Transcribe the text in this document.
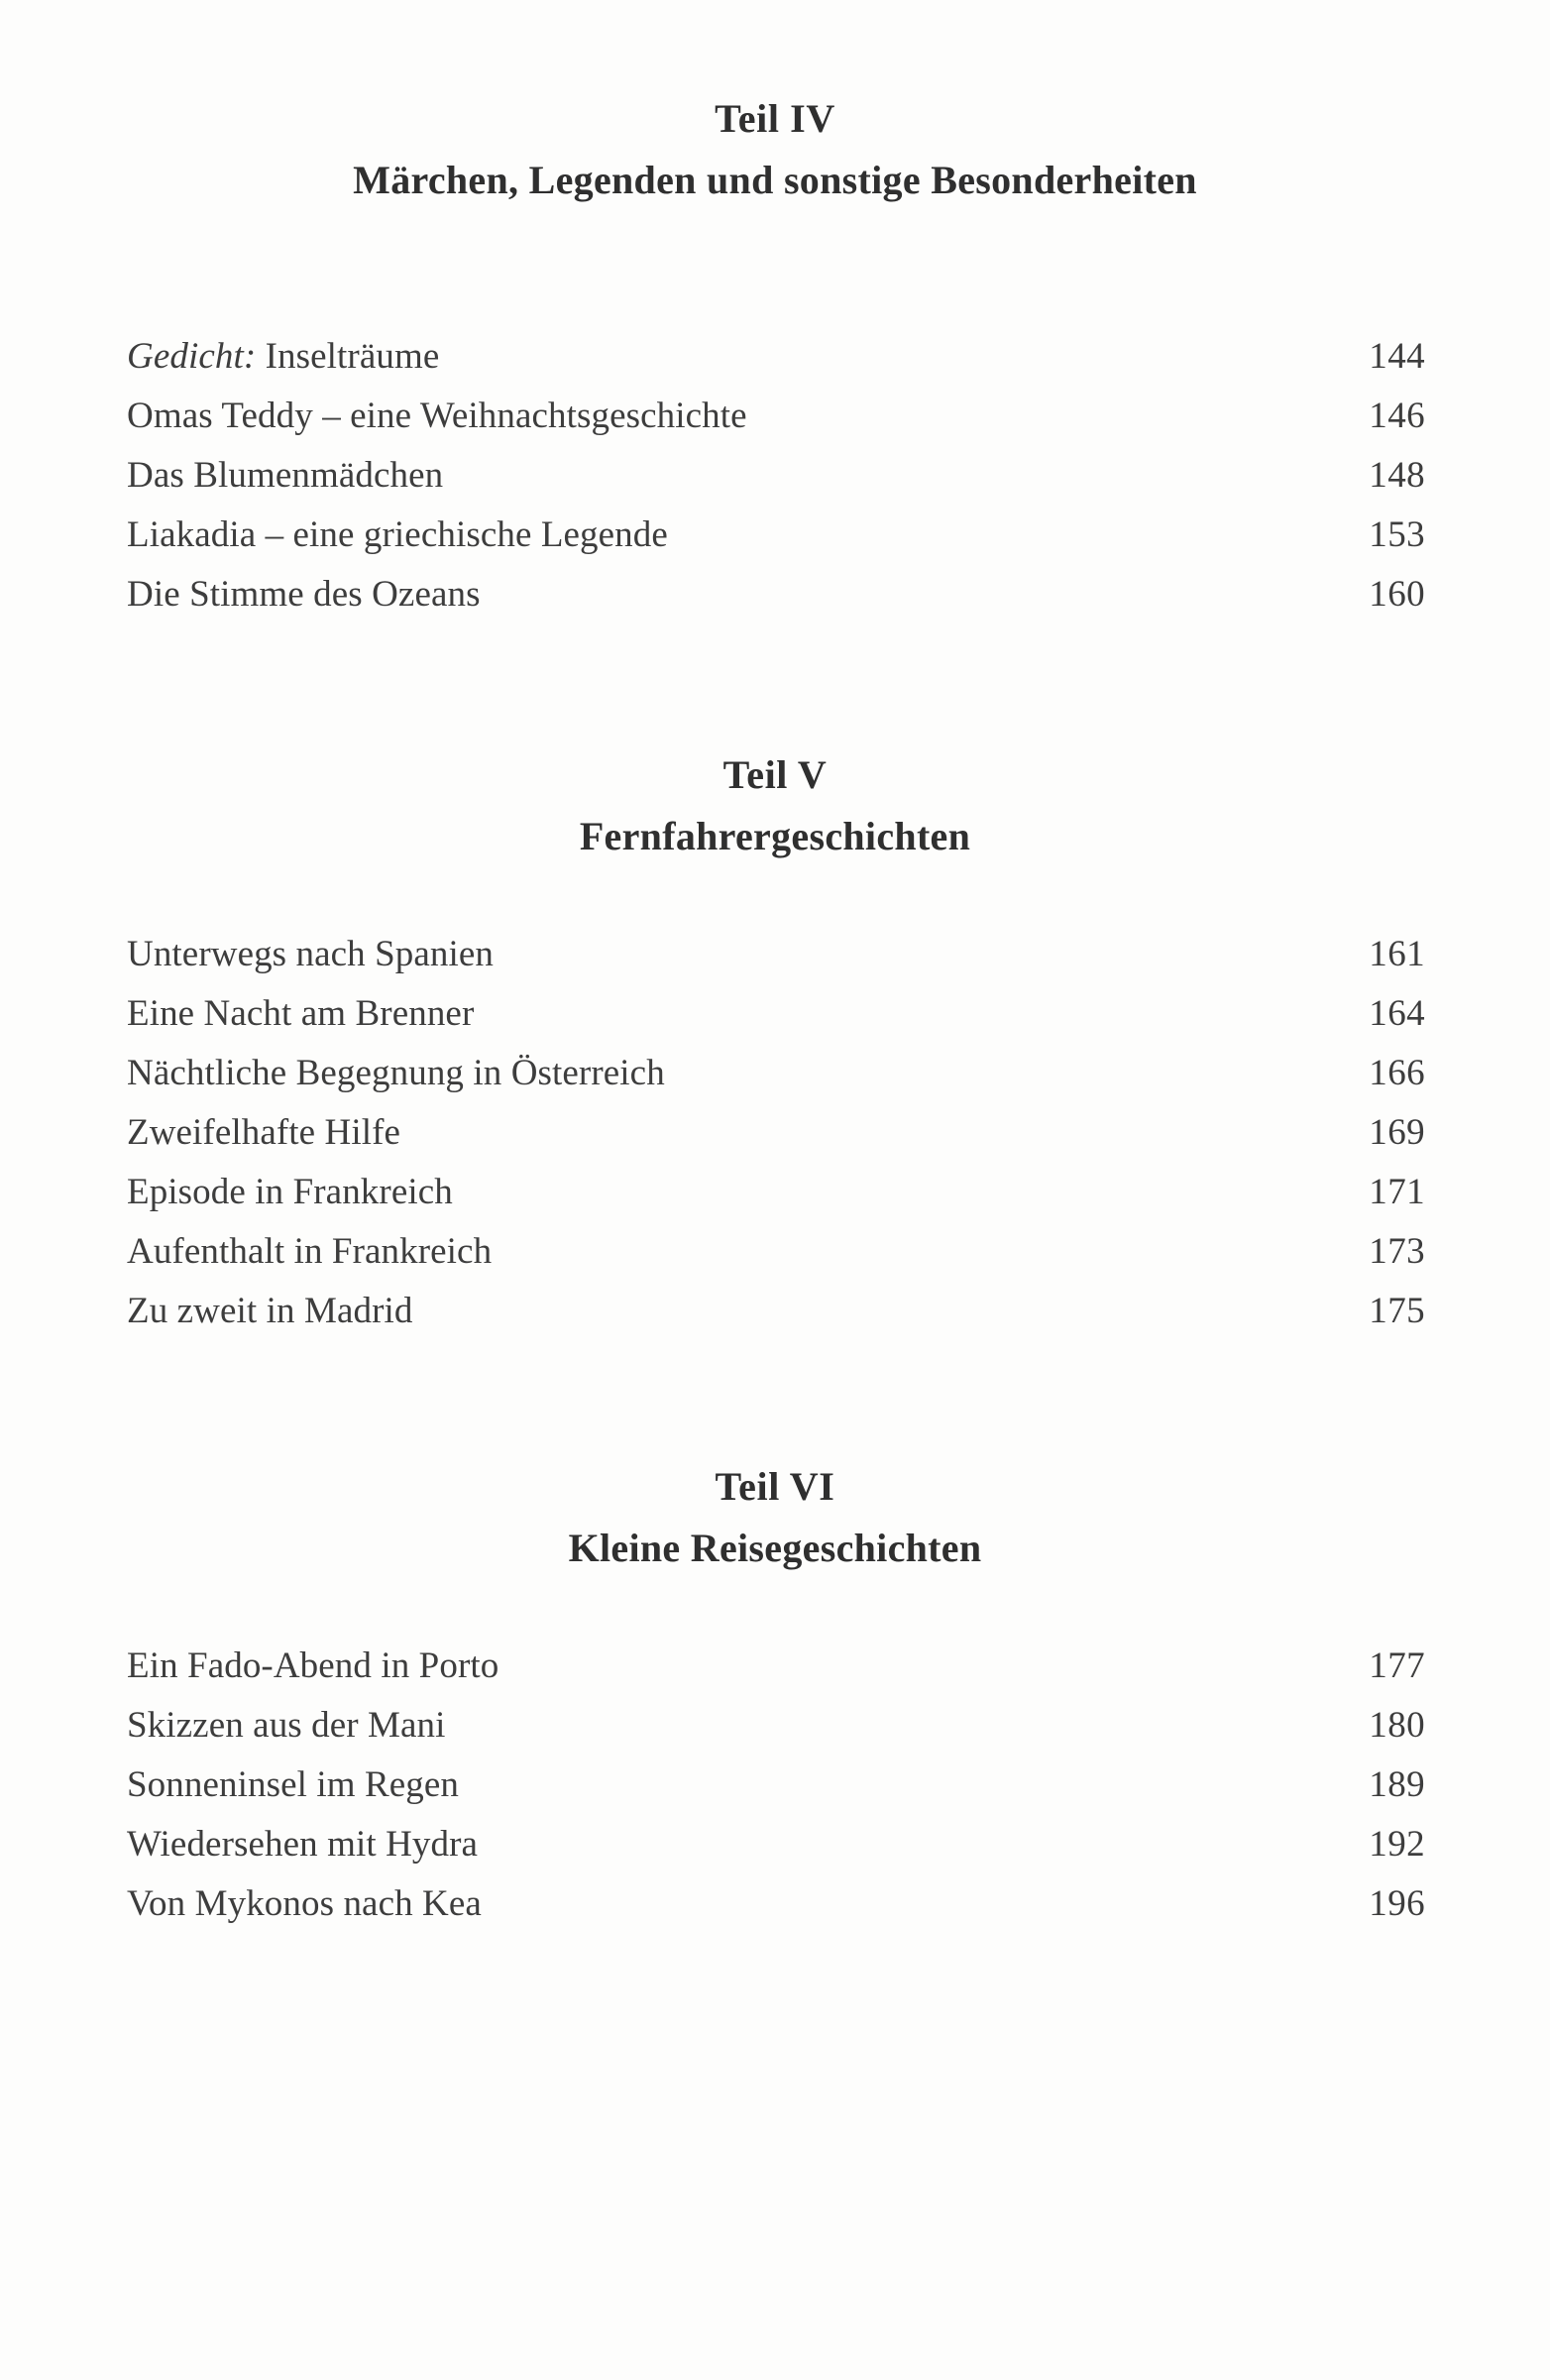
Teil IV
Märchen, Legenden und sonstige Besonderheiten
Gedicht: Inselträume	144
Omas Teddy – eine Weihnachtsgeschichte	146
Das Blumenmädchen	148
Liakadia – eine griechische Legende	153
Die Stimme des Ozeans	160
Teil V
Fernfahrergeschichten
Unterwegs nach Spanien	161
Eine Nacht am Brenner	164
Nächtliche Begegnung in Österreich	166
Zweifelhafte Hilfe	169
Episode in Frankreich	171
Aufenthalt in Frankreich	173
Zu zweit in Madrid	175
Teil VI
Kleine Reisegeschichten
Ein Fado-Abend in Porto	177
Skizzen aus der Mani	180
Sonneninsel im Regen	189
Wiedersehen mit Hydra	192
Von Mykonos nach Kea	196
